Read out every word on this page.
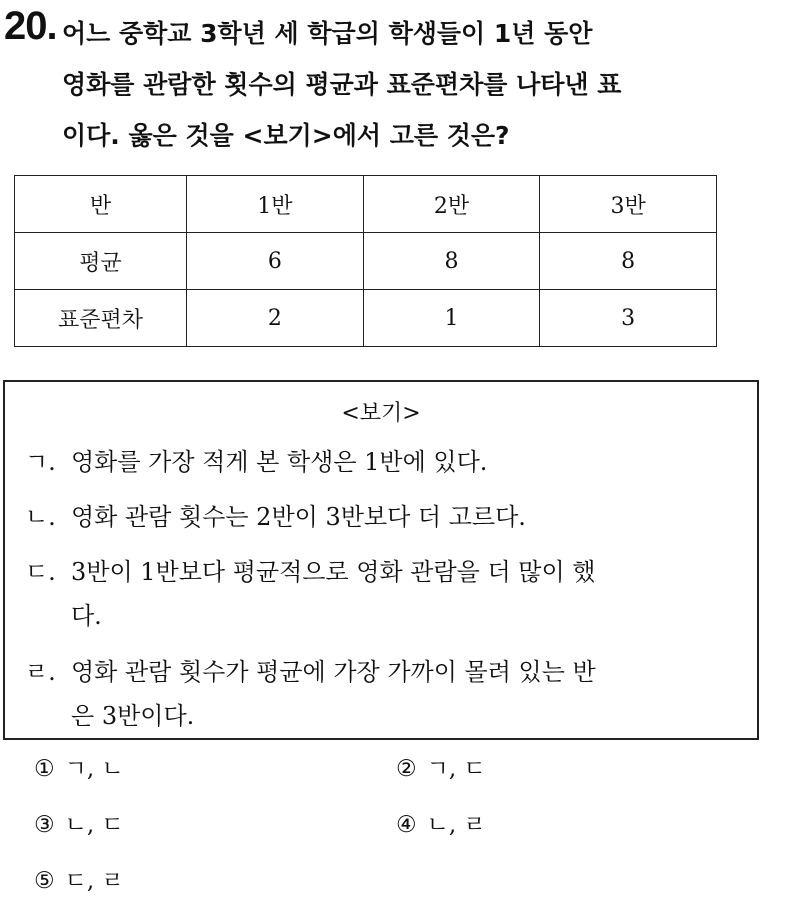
20. 어느 중학교 3학년 세 학급의 학생들이 1년 동안
영화를 관람한 횟수의 평균과 표준편차를 나타낸 표
이다. 옳은 것을 <보기>에서 고른 것은?
반	1반	2반	3반
평균	6	8	8
표준편차	2	1	3
<보기>
ㄱ. 영화를 가장 적게 본 학생은 1반에 있다.
ㄴ. 영화 관람 횟수는 2반이 3반보다 더 고르다.
ㄷ. 3반이 1반보다 평균적으로 영화 관람을 더 많이 했
다.
ㄹ. 영화 관람 횟수가 평균에 가장 가까이 몰려 있는 반
은 3반이다.
① ㄱ, ㄴ	② ㄱ, ㄷ
③ ㄴ, ㄷ	④ ㄴ, ㄹ
⑤ ㄷ, ㄹ
